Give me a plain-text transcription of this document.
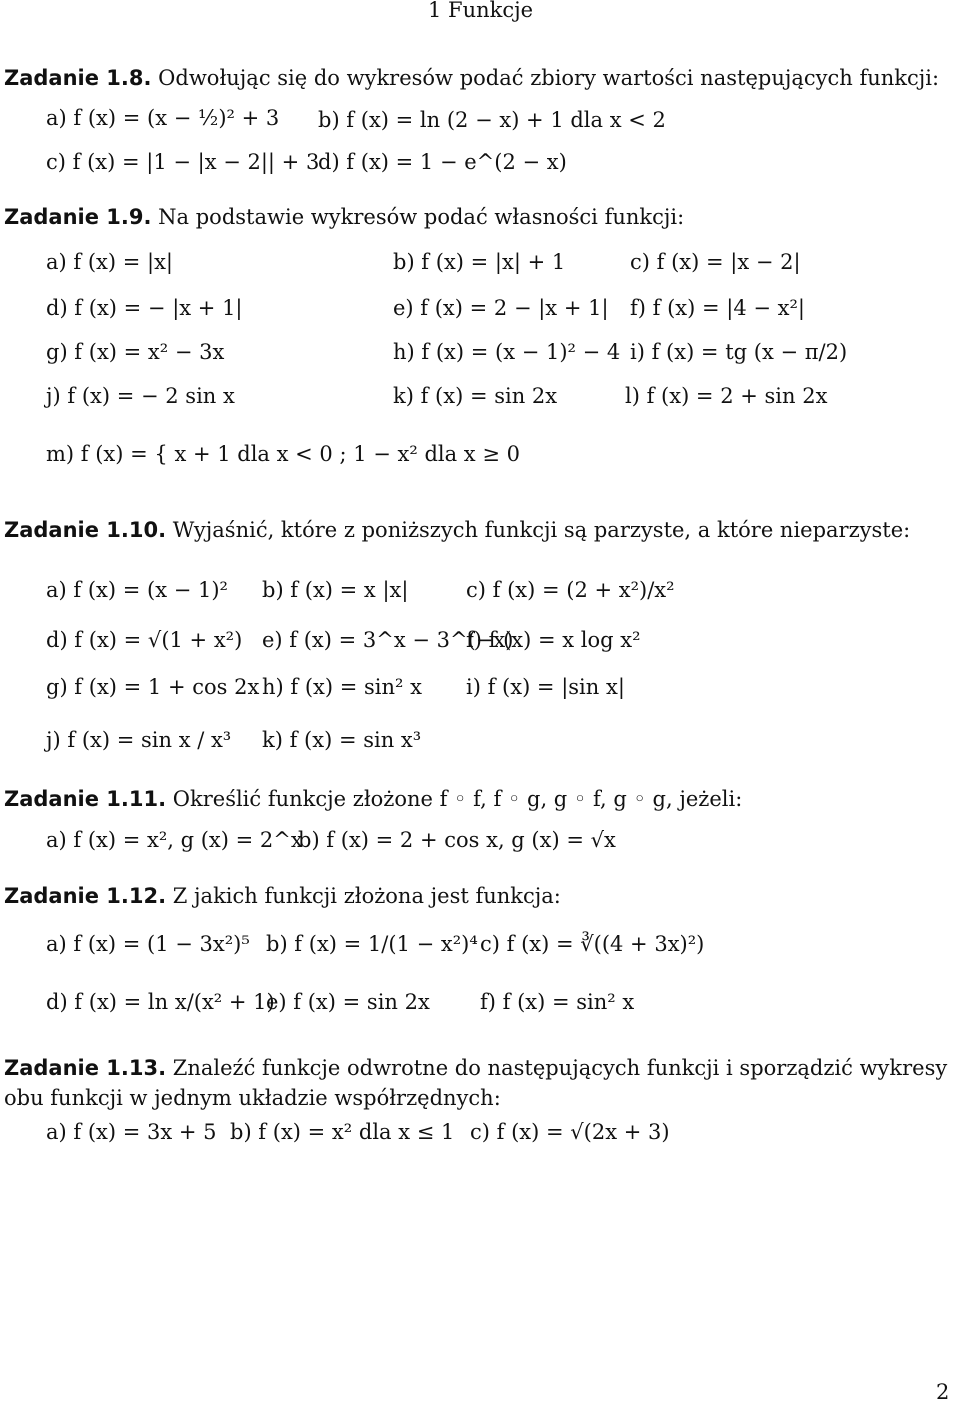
1 Funkcje
Zadanie 1.8. Odwołując się do wykresów podać zbiory wartości następujących funkcji:
a) f (x) = (x − ½)² + 3 b) f (x) = ln (2 − x) + 1 dla x < 2
c) f (x) = |1 − |x − 2|| + 3
d) f (x) = 1 − e^(2 − x)
Zadanie 1.9. Na podstawie wykresów podać własności funkcji:
a) f (x) = |x|	b) f (x) = |x| + 1	c) f (x) = |x − 2|
d) f (x) = − |x + 1|	e) f (x) = 2 − |x + 1| f) f (x) = |4 − x²|
g) f (x) = x² − 3x	h) f (x) = (x − 1)² − 4 i) f (x) = tg (x − π/2)
j) f (x) = − 2 sin x	k) f (x) = sin 2x	l) f (x) = 2 + sin 2x
m) f (x) = { x + 1 dla x < 0 ; 1 − x² dla x ≥ 0
Zadanie 1.10. Wyjaśnić, które z poniższych funkcji są parzyste, a które nieparzyste:
a) f (x) = (x − 1)² b) f (x) = x |x|	c) f (x) = (2 + x²)/x²
d) f (x) = √(1 + x²) e) f (x) = 3^x − 3^(−x)
f) f (x) = x log x²
g) f (x) = 1 + cos 2x h) f (x) = sin² x i) f (x) = |sin x|
j) f (x) = sin x / x³ k) f (x) = sin x³
Zadanie 1.11. Określić funkcje złożone f ◦ f, f ◦ g, g ◦ f, g ◦ g, jeżeli:
a) f (x) = x², g (x) = 2^x
b) f (x) = 2 + cos x, g (x) = √x
Zadanie 1.12. Z jakich funkcji złożona jest funkcja:
a) f (x) = (1 − 3x²)⁵ b) f (x) = 1/(1 − x²)⁴ c) f (x) = ∛((4 + 3x)²)
d) f (x) = ln x/(x² + 1)
e) f (x) = sin 2x f) f (x) = sin² x
Zadanie 1.13. Znaleźć funkcje odwrotne do następujących funkcji i sporządzić wykresy obu funkcji w jednym układzie współrzędnych:
a) f (x) = 3x + 5 b) f (x) = x² dla x ≤ 1 c) f (x) = √(2x + 3)
2
